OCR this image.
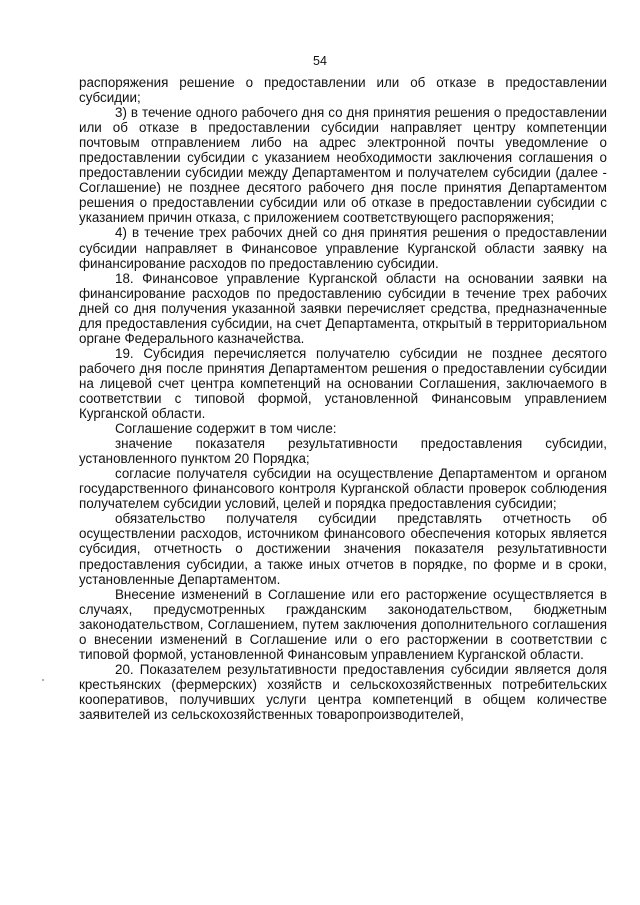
54

распоряжения решение о предоставлении или об отказе в предоставлении субсидии;

3) в течение одного рабочего дня со дня принятия решения о предоставлении или об отказе в предоставлении субсидии направляет центру компетенции почтовым отправлением либо на адрес электронной почты уведомление о предоставлении субсидии с указанием необходимости заключения соглашения о предоставлении субсидии между Департаментом и получателем субсидии (далее - Соглашение) не позднее десятого рабочего дня после принятия Департаментом решения о предоставлении субсидии или об отказе в предоставлении субсидии с указанием причин отказа, с приложением соответствующего распоряжения;

4) в течение трех рабочих дней со дня принятия решения о предоставлении субсидии направляет в Финансовое управление Курганской области заявку на финансирование расходов по предоставлению субсидии.

18. Финансовое управление Курганской области на основании заявки на финансирование расходов по предоставлению субсидии в течение трех рабочих дней со дня получения указанной заявки перечисляет средства, предназначенные для предоставления субсидии, на счет Департамента, открытый в территориальном органе Федерального казначейства.

19. Субсидия перечисляется получателю субсидии не позднее десятого рабочего дня после принятия Департаментом решения о предоставлении субсидии на лицевой счет центра компетенций на основании Соглашения, заключаемого в соответствии с типовой формой, установленной Финансовым управлением Курганской области.

Соглашение содержит в том числе:

значение показателя результативности предоставления субсидии, установленного пунктом 20 Порядка;

согласие получателя субсидии на осуществление Департаментом и органом государственного финансового контроля Курганской области проверок соблюдения получателем субсидии условий, целей и порядка предоставления субсидии;

обязательство получателя субсидии представлять отчетность об осуществлении расходов, источником финансового обеспечения которых является субсидия, отчетность о достижении значения показателя результативности предоставления субсидии, а также иных отчетов в порядке, по форме и в сроки, установленные Департаментом.

Внесение изменений в Соглашение или его расторжение осуществляется в случаях, предусмотренных гражданским законодательством, бюджетным законодательством, Соглашением, путем заключения дополнительного соглашения о внесении изменений в Соглашение или о его расторжении в соответствии с типовой формой, установленной Финансовым управлением Курганской области.

20. Показателем результативности предоставления субсидии является доля крестьянских (фермерских) хозяйств и сельскохозяйственных потребительских кооперативов, получивших услуги центра компетенций в общем количестве заявителей из сельскохозяйственных товаропроизводителей,
